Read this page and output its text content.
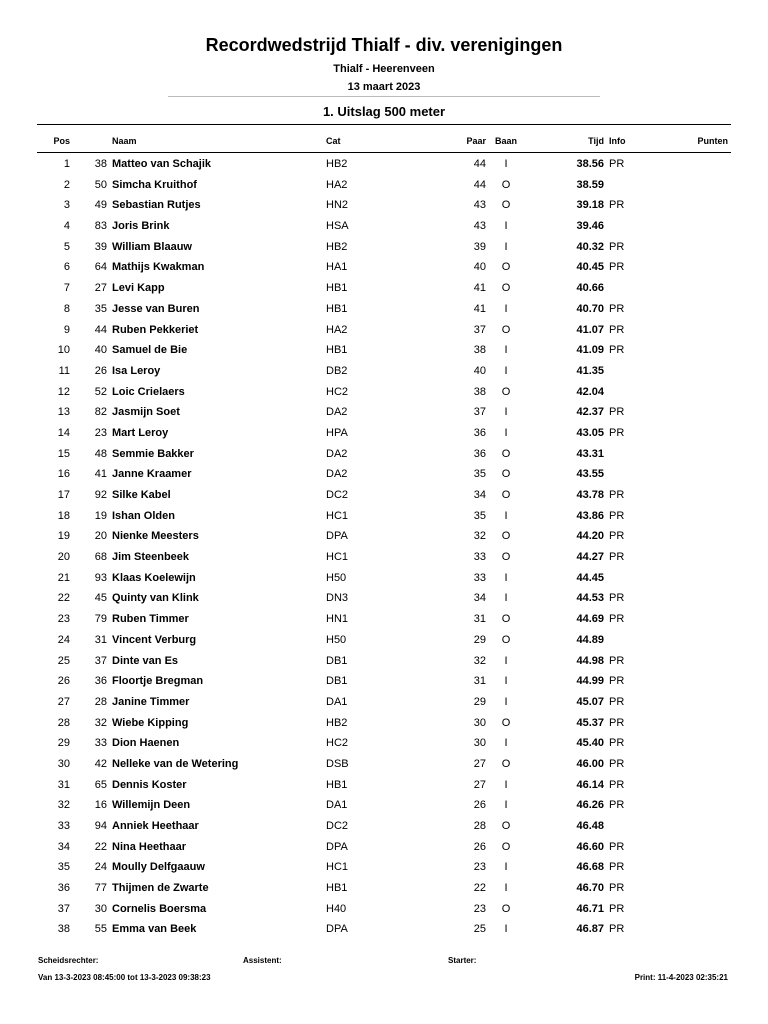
Recordwedstrijd Thialf - div. verenigingen
Thialf - Heerenveen
13 maart 2023
1. Uitslag 500 meter
Pos	Naam	Cat	Paar Baan	Tijd Info	Punten
1	38 Matteo van Schajik	HB2	44	I	38.56 PR
2	50 Simcha Kruithof	HA2	44	O	38.59
3	49 Sebastian Rutjes	HN2	43	O	39.18 PR
4	83 Joris Brink	HSA	43	I	39.46
5	39 William Blaauw	HB2	39	I	40.32 PR
6	64 Mathijs Kwakman	HA1	40	O	40.45 PR
7	27 Levi Kapp	HB1	41	O	40.66
8	35 Jesse van Buren	HB1	41	I	40.70 PR
9	44 Ruben Pekkeriet	HA2	37	O	41.07 PR
10	40 Samuel de Bie	HB1	38	I	41.09 PR
11	26 Isa Leroy	DB2	40	I	41.35
12	52 Loic Crielaers	HC2	38	O	42.04
13	82 Jasmijn Soet	DA2	37	I	42.37 PR
14	23 Mart Leroy	HPA	36	I	43.05 PR
15	48 Semmie Bakker	DA2	36	O	43.31
16	41 Janne Kraamer	DA2	35	O	43.55
17	92 Silke Kabel	DC2	34	O	43.78 PR
18	19 Ishan Olden	HC1	35	I	43.86 PR
19	20 Nienke Meesters	DPA	32	O	44.20 PR
20	68 Jim Steenbeek	HC1	33	O	44.27 PR
21	93 Klaas Koelewijn	H50	33	I	44.45
22	45 Quinty van Klink	DN3	34	I	44.53 PR
23	79 Ruben Timmer	HN1	31	O	44.69 PR
24	31 Vincent Verburg	H50	29	O	44.89
25	37 Dinte van Es	DB1	32	I	44.98 PR
26	36 Floortje Bregman	DB1	31	I	44.99 PR
27	28 Janine Timmer	DA1	29	I	45.07 PR
28	32 Wiebe Kipping	HB2	30	O	45.37 PR
29	33 Dion Haenen	HC2	30	I	45.40 PR
30	42 Nelleke van de Wetering	DSB	27	O	46.00 PR
31	65 Dennis Koster	HB1	27	I	46.14 PR
32	16 Willemijn Deen	DA1	26	I	46.26 PR
33	94 Anniek Heethaar	DC2	28	O	46.48
34	22 Nina Heethaar	DPA	26	O	46.60 PR
35	24 Moully Delfgaauw	HC1	23	I	46.68 PR
36	77 Thijmen de Zwarte	HB1	22	I	46.70 PR
37	30 Cornelis Boersma	H40	23	O	46.71 PR
38	55 Emma van Beek	DPA	25	I	46.87 PR
Scheidsrechter:	Assistent:	Starter:
Van 13-3-2023 08:45:00 tot 13-3-2023 09:38:23	Print: 11-4-2023 02:35:21
